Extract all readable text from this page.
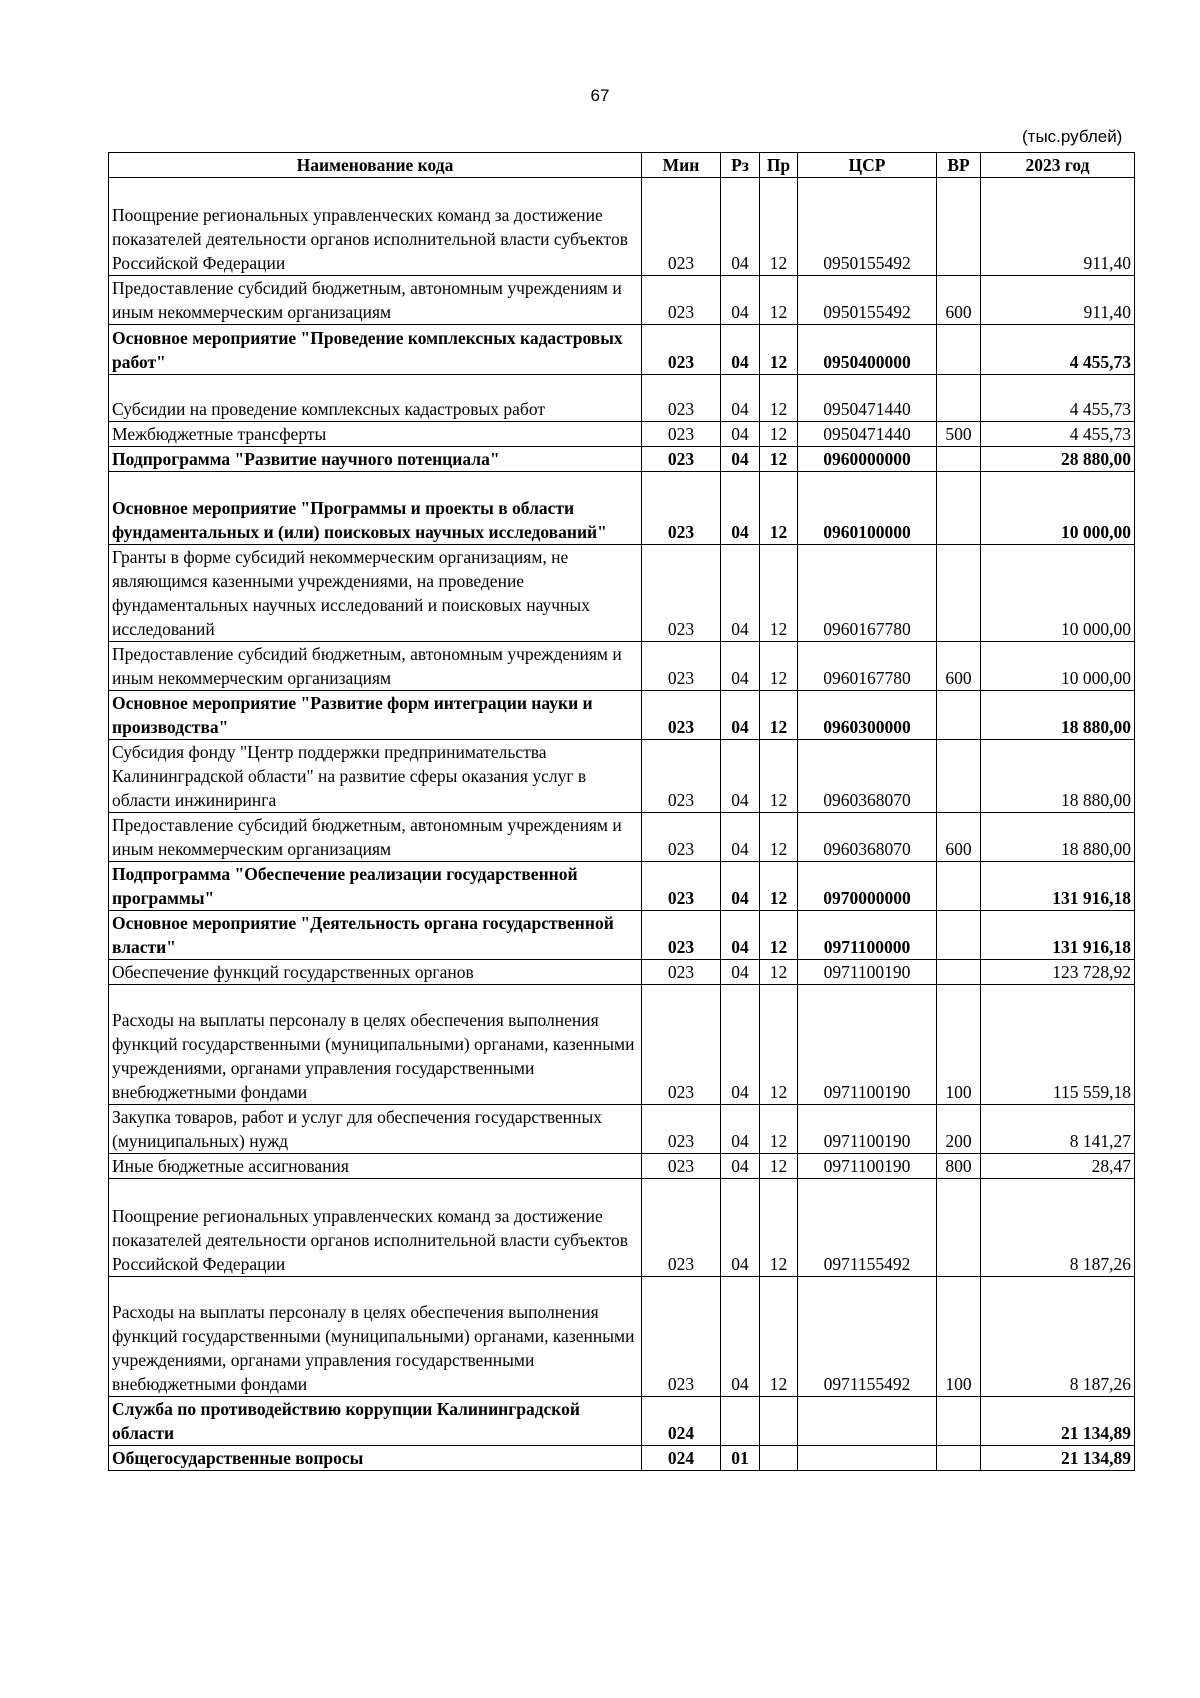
67
(тыс.рублей)
Наименование кода	Мин	Рз	Пр	ЦСР	ВР	2023 год
Поощрение региональных управленческих команд за достижение показателей деятельности органов исполнительной власти субъектов Российской Федерации	023	04	12	0950155492		911,40
Предоставление субсидий бюджетным, автономным учреждениям и иным некоммерческим организациям	023	04	12	0950155492	600	911,40
Основное мероприятие "Проведение комплексных кадастровых работ"	023	04	12	0950400000		4 455,73
Субсидии на проведение комплексных кадастровых работ	023	04	12	0950471440		4 455,73
Межбюджетные трансферты	023	04	12	0950471440	500	4 455,73
Подпрограмма "Развитие научного потенциала"	023	04	12	0960000000		28 880,00
Основное мероприятие "Программы и проекты в области фундаментальных и (или) поисковых научных исследований"	023	04	12	0960100000		10 000,00
Гранты в форме субсидий некоммерческим организациям, не являющимся казенными учреждениями, на проведение фундаментальных научных исследований и поисковых научных исследований	023	04	12	0960167780		10 000,00
Предоставление субсидий бюджетным, автономным учреждениям и иным некоммерческим организациям	023	04	12	0960167780	600	10 000,00
Основное мероприятие "Развитие форм интеграции науки и производства"	023	04	12	0960300000		18 880,00
Субсидия фонду "Центр поддержки предпринимательства Калининградской области" на развитие сферы оказания услуг в области инжиниринга	023	04	12	0960368070		18 880,00
Предоставление субсидий бюджетным, автономным учреждениям и иным некоммерческим организациям	023	04	12	0960368070	600	18 880,00
Подпрограмма "Обеспечение реализации государственной программы"	023	04	12	0970000000		131 916,18
Основное мероприятие "Деятельность органа государственной власти"	023	04	12	0971100000		131 916,18
Обеспечение функций государственных органов	023	04	12	0971100190		123 728,92
Расходы на выплаты персоналу в целях обеспечения выполнения функций государственными (муниципальными) органами, казенными учреждениями, органами управления государственными внебюджетными фондами	023	04	12	0971100190	100	115 559,18
Закупка товаров, работ и услуг для обеспечения государственных (муниципальных) нужд	023	04	12	0971100190	200	8 141,27
Иные бюджетные ассигнования	023	04	12	0971100190	800	28,47
Поощрение региональных управленческих команд за достижение показателей деятельности органов исполнительной власти субъектов Российской Федерации	023	04	12	0971155492		8 187,26
Расходы на выплаты персоналу в целях обеспечения выполнения функций государственными (муниципальными) органами, казенными учреждениями, органами управления государственными внебюджетными фондами	023	04	12	0971155492	100	8 187,26
Служба по противодействию коррупции Калининградской области	024					21 134,89
Общегосударственные вопросы	024	01				21 134,89
